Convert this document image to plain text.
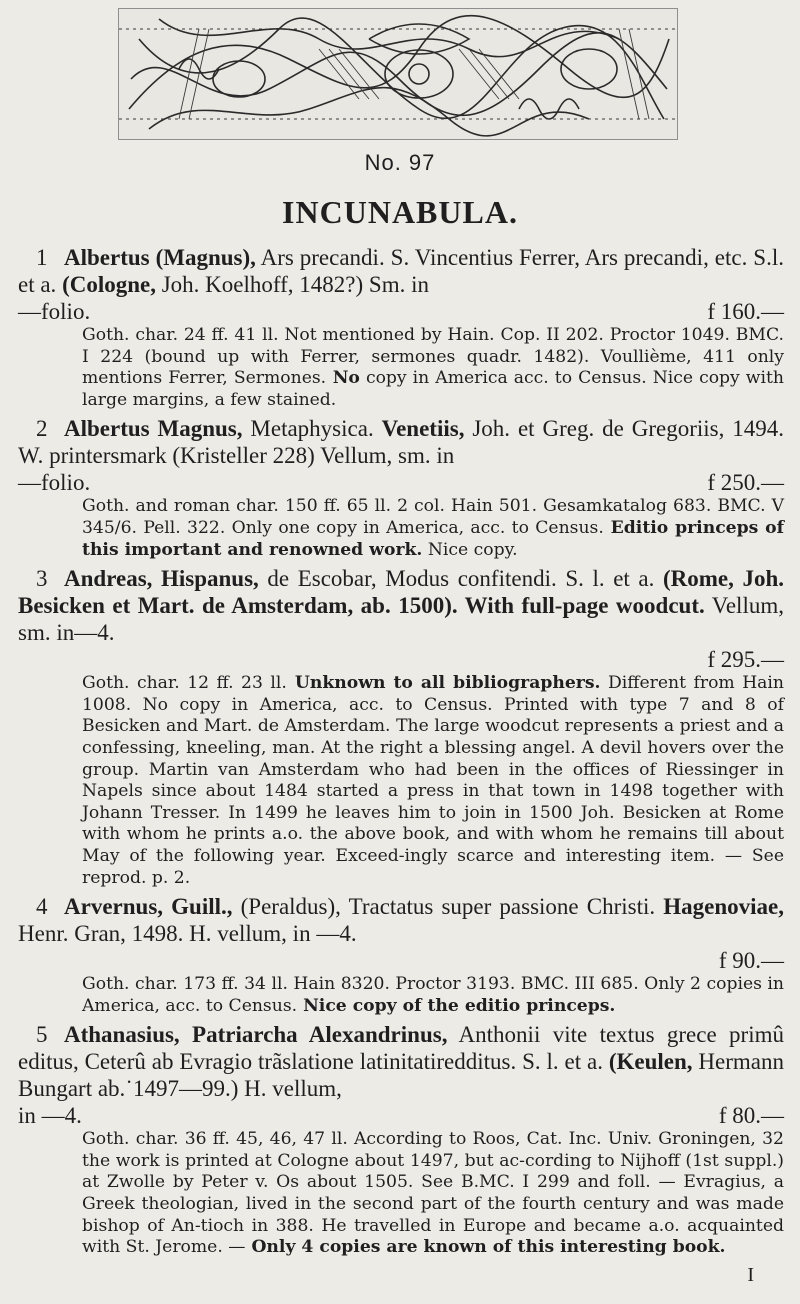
No. 97
INCUNABULA.
1 Albertus (Magnus), Ars precandi. S. Vincentius Ferrer, Ars precandi, etc. S.l. et a. (Cologne, Joh. Koelhoff, 1482?) Sm. in
—folio.	f 160.—
Goth. char. 24 ff. 41 ll. Not mentioned by Hain. Cop. II 202. Proctor 1049. BMC. I 224 (bound up with Ferrer, sermones quadr. 1482). Voullième, 411 only mentions Ferrer, Sermones. No copy in America acc. to Census. Nice copy with large margins, a few stained.
2 Albertus Magnus, Metaphysica. Venetiis, Joh. et Greg. de Gregoriis, 1494. W. printersmark (Kristeller 228) Vellum, sm. in
—folio.	f 250.—
Goth. and roman char. 150 ff. 65 ll. 2 col. Hain 501. Gesamkatalog 683. BMC. V 345/6. Pell. 322. Only one copy in America, acc. to Census. Editio princeps of this important and renowned work. Nice copy.
3 Andreas, Hispanus, de Escobar, Modus confitendi. S. l. et a. (Rome, Joh. Besicken et Mart. de Amsterdam, ab. 1500). With full-page woodcut. Vellum, sm. in—4.
f 295.—
Goth. char. 12 ff. 23 ll. Unknown to all bibliographers. Different from Hain 1008. No copy in America, acc. to Census. Printed with type 7 and 8 of Besicken and Mart. de Amsterdam. The large woodcut represents a priest and a confessing, kneeling, man. At the right a blessing angel. A devil hovers over the group. Martin van Amsterdam who had been in the offices of Riessinger in Napels since about 1484 started a press in that town in 1498 together with Johann Tresser. In 1499 he leaves him to join in 1500 Joh. Besicken at Rome with whom he prints a.o. the above book, and with whom he remains till about May of the following year. Exceed-ingly scarce and interesting item. — See reprod. p. 2.
4 Arvernus, Guill., (Peraldus), Tractatus super passione Christi. Hagenoviae, Henr. Gran, 1498. H. vellum, in —4.
f 90.—
Goth. char. 173 ff. 34 ll. Hain 8320. Proctor 3193. BMC. III 685. Only 2 copies in America, acc. to Census. Nice copy of the editio princeps.
5 Athanasius, Patriarcha Alexandrinus, Anthonii vite textus grece primû editus, Ceterû ab Evragio trãslatione latinitatiredditus. S. l. et a. (Keulen, Hermann Bungart ab.˙1497—99.) H. vellum,
in —4.	f 80.—
Goth. char. 36 ff. 45, 46, 47 ll. According to Roos, Cat. Inc. Univ. Groningen, 32 the work is printed at Cologne about 1497, but ac-cording to Nijhoff (1st suppl.) at Zwolle by Peter v. Os about 1505. See B.MC. I 299 and foll. — Evragius, a Greek theologian, lived in the second part of the fourth century and was made bishop of An-tioch in 388. He travelled in Europe and became a.o. acquainted with St. Jerome. — Only 4 copies are known of this interesting book.
I
